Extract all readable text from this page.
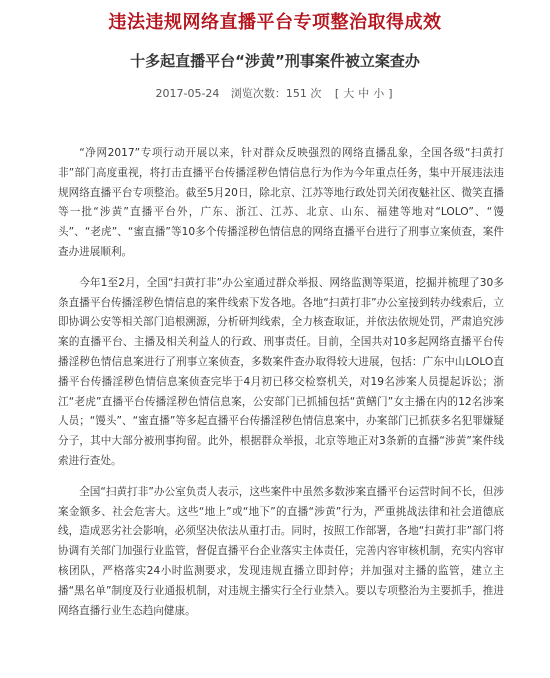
违法违规网络直播平台专项整治取得成效
十多起直播平台“涉黄”刑事案件被立案查办
2017-05-24 浏览次数：151 次 [ 大 中 小 ]

“净网2017”专项行动开展以来，针对群众反映强烈的网络直播乱象，全国各级“扫黄打非”部门高度重视，将打击直播平台传播淫秽色情信息行为作为今年重点任务，集中开展违法违规网络直播平台专项整治。截至5月20日，除北京、江苏等地行政处罚关闭夜魅社区、微笑直播等一批“涉黄”直播平台外，广东、浙江、江苏、北京、山东、福建等地对“LOLO”、“馒头”、“老虎”、“蜜直播”等10多个传播淫秽色情信息的网络直播平台进行了刑事立案侦查，案件查办进展顺利。

今年1至2月，全国“扫黄打非”办公室通过群众举报、网络监测等渠道，挖掘并梳理了30多条直播平台传播淫秽色情信息的案件线索下发各地。各地“扫黄打非”办公室接到转办线索后，立即协调公安等相关部门追根溯源，分析研判线索，全力核查取证，并依法依规处罚，严肃追究涉案的直播平台、主播及相关利益人的行政、刑事责任。目前，全国共对10多起网络直播平台传播淫秽色情信息案进行了刑事立案侦查，多数案件查办取得较大进展，包括：广东中山LOLO直播平台传播淫秽色情信息案侦查完毕于4月初已移交检察机关，对19名涉案人员提起诉讼；浙江“老虎”直播平台传播淫秽色情信息案，公安部门已抓捕包括“黄鳝门”女主播在内的12名涉案人员；“馒头”、“蜜直播”等多起直播平台传播淫秽色情信息案中，办案部门已抓获多名犯罪嫌疑分子，其中大部分被刑事拘留。此外，根据群众举报，北京等地正对3条新的直播“涉黄”案件线索进行查处。

全国“扫黄打非”办公室负责人表示，这些案件中虽然多数涉案直播平台运营时间不长，但涉案金额多、社会危害大。这些“地上”或“地下”的直播“涉黄”行为，严重挑战法律和社会道德底线，造成恶劣社会影响，必须坚决依法从重打击。同时，按照工作部署，各地“扫黄打非”部门将协调有关部门加强行业监管，督促直播平台企业落实主体责任，完善内容审核机制，充实内容审核团队，严格落实24小时监测要求，发现违规直播立即封停；并加强对主播的监管，建立主播“黑名单”制度及行业通报机制，对违规主播实行全行业禁入。要以专项整治为主要抓手，推进网络直播行业生态趋向健康。
